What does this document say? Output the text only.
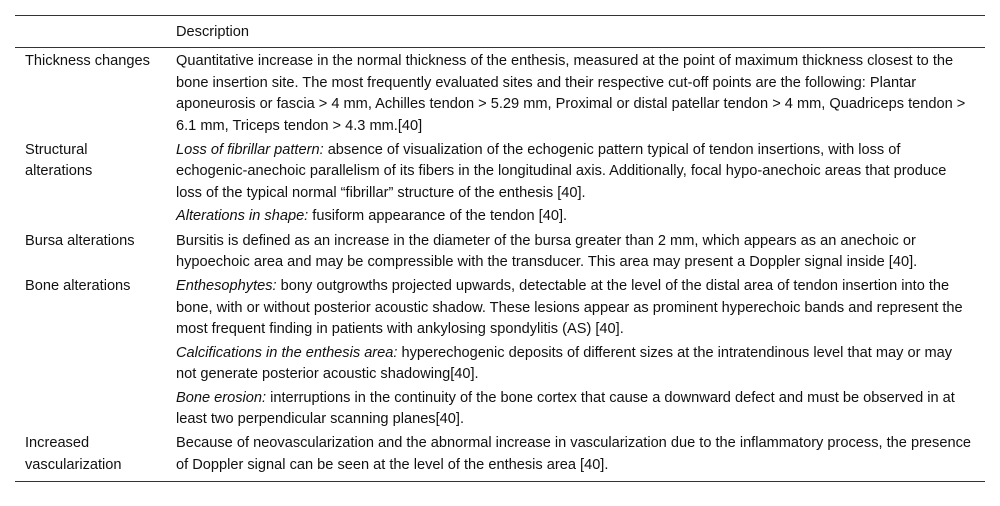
	Description
Thickness changes	Quantitative increase in the normal thickness of the enthesis, measured at the point of maximum thickness closest to the bone insertion site. The most frequently evaluated sites and their respective cut-off points are the following: Plantar aponeurosis or fascia > 4 mm, Achilles tendon > 5.29 mm, Proximal or distal patellar tendon > 4 mm, Quadriceps tendon > 6.1 mm, Triceps tendon > 4.3 mm.[40]

Structural alterations	Loss of fibrillar pattern: absence of visualization of the echogenic pattern typical of tendon insertions, with loss of echogenic-anechoic parallelism of its fibers in the longitudinal axis. Additionally, focal hypo-anechoic areas that produce loss of the typical normal “fibrillar” structure of the enthesis [40].
Alterations in shape: fusiform appearance of the tendon [40].

Bursa alterations	Bursitis is defined as an increase in the diameter of the bursa greater than 2 mm, which appears as an anechoic or hypoechoic area and may be compressible with the transducer. This area may present a Doppler signal inside [40].

Bone alterations	Enthesophytes: bony outgrowths projected upwards, detectable at the level of the distal area of tendon insertion into the bone, with or without posterior acoustic shadow. These lesions appear as prominent hyperechoic bands and represent the most frequent finding in patients with ankylosing spondylitis (AS) [40].
Calcifications in the enthesis area: hyperechogenic deposits of different sizes at the intratendinous level that may or may not generate posterior acoustic shadowing[40].
Bone erosion: interruptions in the continuity of the bone cortex that cause a downward defect and must be observed in at least two perpendicular scanning planes[40].

Increased vascularization	Because of neovascularization and the abnormal increase in vascularization due to the inflammatory process, the presence of Doppler signal can be seen at the level of the enthesis area [40].
